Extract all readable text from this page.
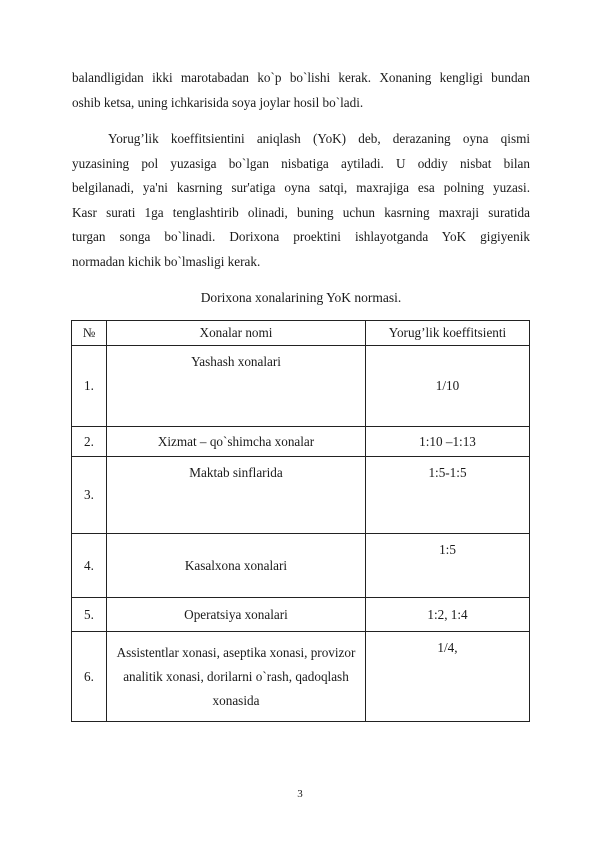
balandligidan ikki marotabadan ko`p bo`lishi kerak. Xonaning kengligi bundan
oshib ketsa, uning ichkarisida soya joylar hosil bo`ladi.
Yorug’lik koeffitsientini aniqlash (YoK) deb, derazaning oyna qismi
yuzasining pol yuzasiga bo`lgan nisbatiga aytiladi. U oddiy nisbat bilan
belgilanadi, ya'ni kasrning sur'atiga oyna satqi, maxrajiga esa polning yuzasi.
Kasr surati 1ga tenglashtirib olinadi, buning uchun kasrning maxraji suratida
turgan songa bo`linadi. Dorixona proektini ishlayotganda YoK gigiyenik
normadan kichik bo`lmasligi kerak.

Dorixona xonalarining YoK normasi.

№	Xonalar nomi	Yorug’lik koeffitsienti
1.	Yashash xonalari	1/10
2.	Xizmat – qo`shimcha xonalar	1:10 –1:13
3.	Maktab sinflarida	1:5-1:5
4.	Kasalxona xonalari	1:5
5.	Operatsiya xonalari	1:2, 1:4
6.	Assistentlar xonasi, aseptika xonasi, provizor
analitik xonasi, dorilarni o`rash, qadoqlash
xonasida	1/4,
3
